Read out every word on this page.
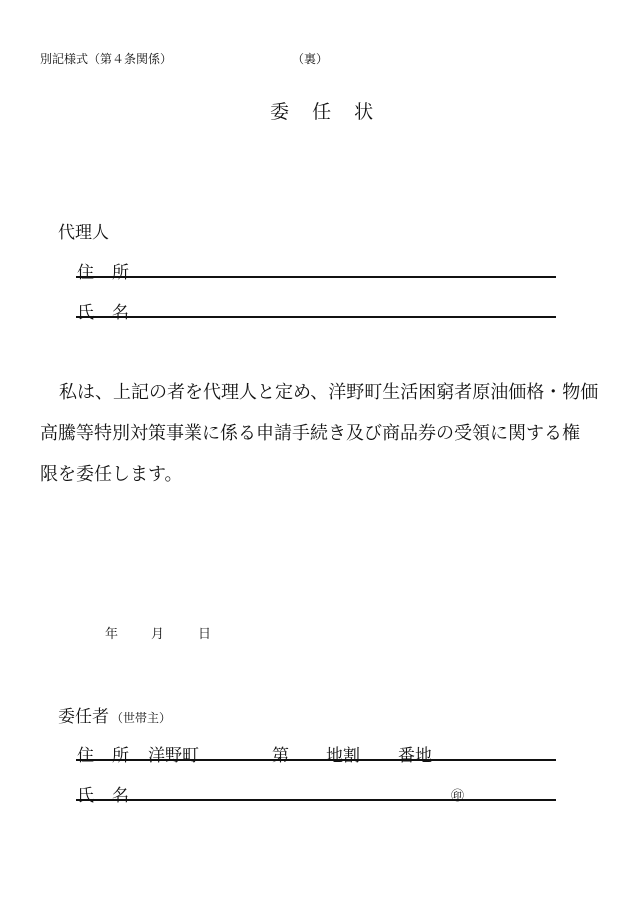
別記様式（第４条関係）	（裏）
委 任 状
代理人
住 所
氏 名
私は、上記の者を代理人と定め、洋野町生活困窮者原油価格・物価
高騰等特別対策事業に係る申請手続き及び商品券の受領に関する権
限を委任します。
年	月	日
委任者 （世帯主）
住 所 洋野町	第 地割 番地
氏 名	㊞
